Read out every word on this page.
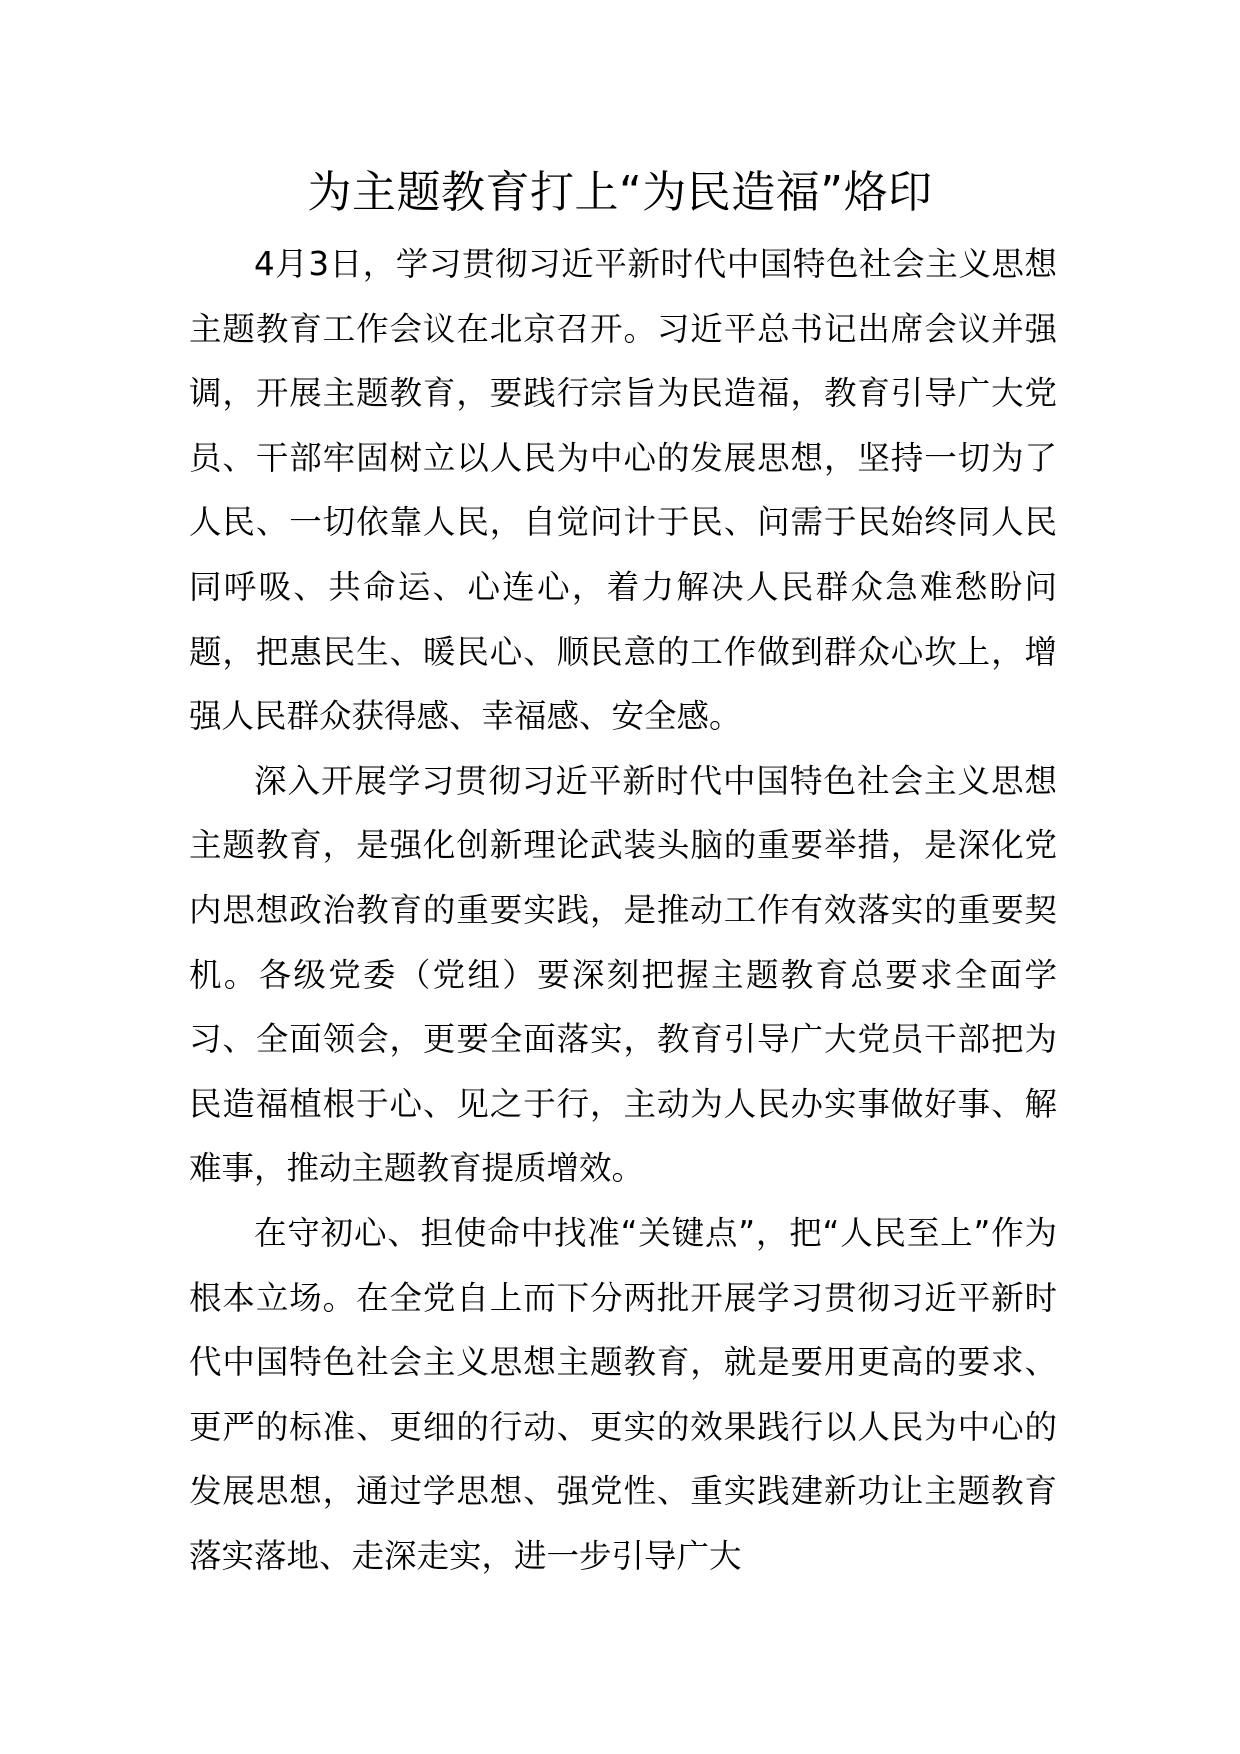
为主题教育打上“为民造福”烙印

4月3日，学习贯彻习近平新时代中国特色社会主义思想主题教育工作会议在北京召开。习近平总书记出席会议并强调，开展主题教育，要践行宗旨为民造福，教育引导广大党员、干部牢固树立以人民为中心的发展思想，坚持一切为了人民、一切依靠人民，自觉问计于民、问需于民始终同人民同呼吸、共命运、心连心，着力解决人民群众急难愁盼问题，把惠民生、暖民心、顺民意的工作做到群众心坎上，增强人民群众获得感、幸福感、安全感。

深入开展学习贯彻习近平新时代中国特色社会主义思想主题教育，是强化创新理论武装头脑的重要举措，是深化党内思想政治教育的重要实践，是推动工作有效落实的重要契机。各级党委（党组）要深刻把握主题教育总要求全面学习、全面领会，更要全面落实，教育引导广大党员干部把为民造福植根于心、见之于行，主动为人民办实事做好事、解难事，推动主题教育提质增效。

在守初心、担使命中找准“关键点”，把“人民至上”作为根本立场。在全党自上而下分两批开展学习贯彻习近平新时代中国特色社会主义思想主题教育，就是要用更高的要求、更严的标准、更细的行动、更实的效果践行以人民为中心的发展思想，通过学思想、强党性、重实践建新功让主题教育落实落地、走深走实，进一步引导广大
